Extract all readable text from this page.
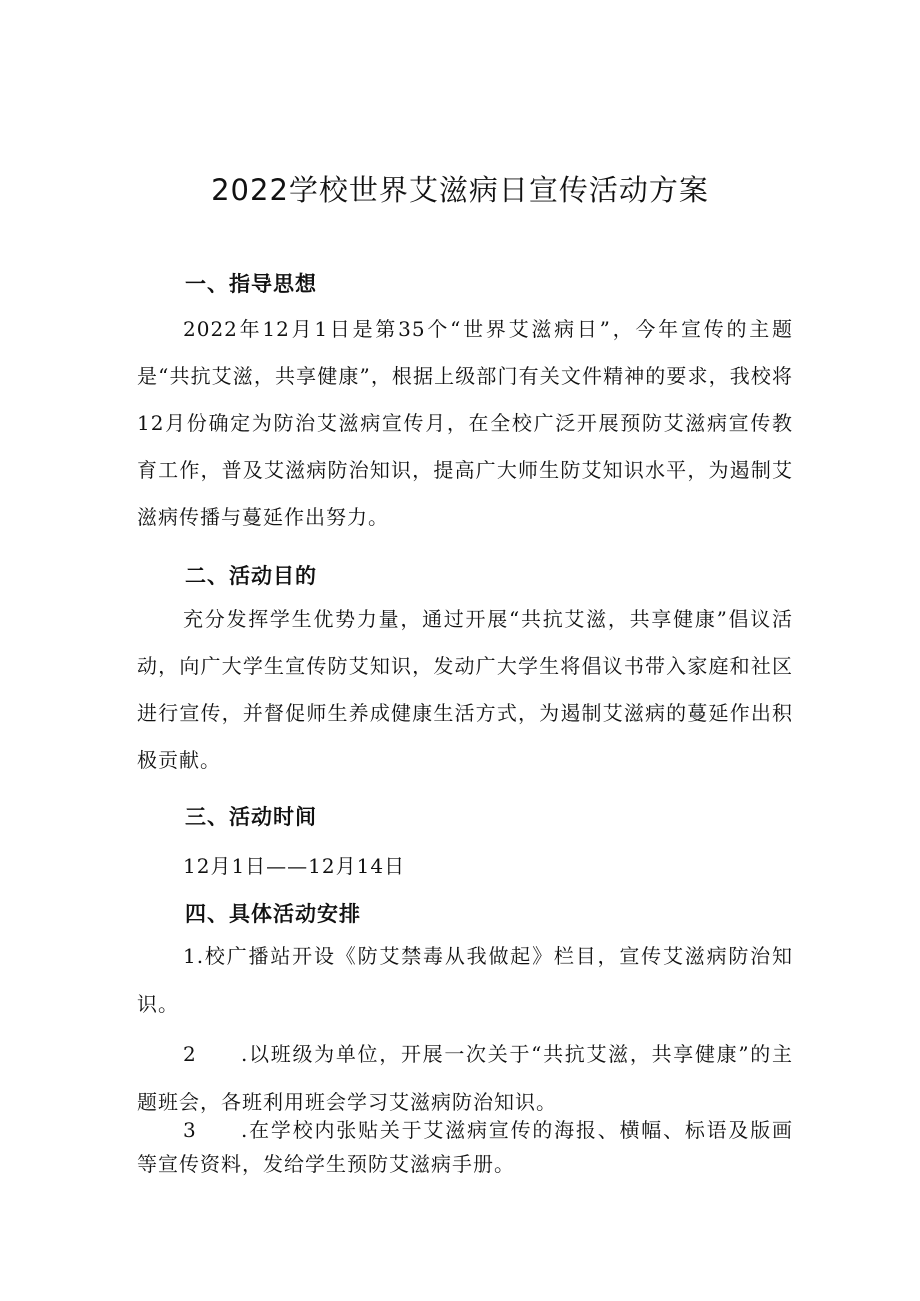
2022学校世界艾滋病日宣传活动方案
一、指导思想
2022年12月1日是第35个“世界艾滋病日”，今年宣传的主题是“共抗艾滋，共享健康”，根据上级部门有关文件精神的要求，我校将12月份确定为防治艾滋病宣传月，在全校广泛开展预防艾滋病宣传教育工作，普及艾滋病防治知识，提高广大师生防艾知识水平，为遏制艾滋病传播与蔓延作出努力。
二、活动目的
充分发挥学生优势力量，通过开展“共抗艾滋，共享健康”倡议活动，向广大学生宣传防艾知识，发动广大学生将倡议书带入家庭和社区进行宣传，并督促师生养成健康生活方式，为遏制艾滋病的蔓延作出积极贡献。
三、活动时间
12月1日——12月14日
四、具体活动安排
1.校广播站开设《防艾禁毒从我做起》栏目，宣传艾滋病防治知识。
2 .以班级为单位，开展一次关于“共抗艾滋，共享健康”的主题班会，各班利用班会学习艾滋病防治知识。
3 .在学校内张贴关于艾滋病宣传的海报、横幅、标语及版画等宣传资料，发给学生预防艾滋病手册。
